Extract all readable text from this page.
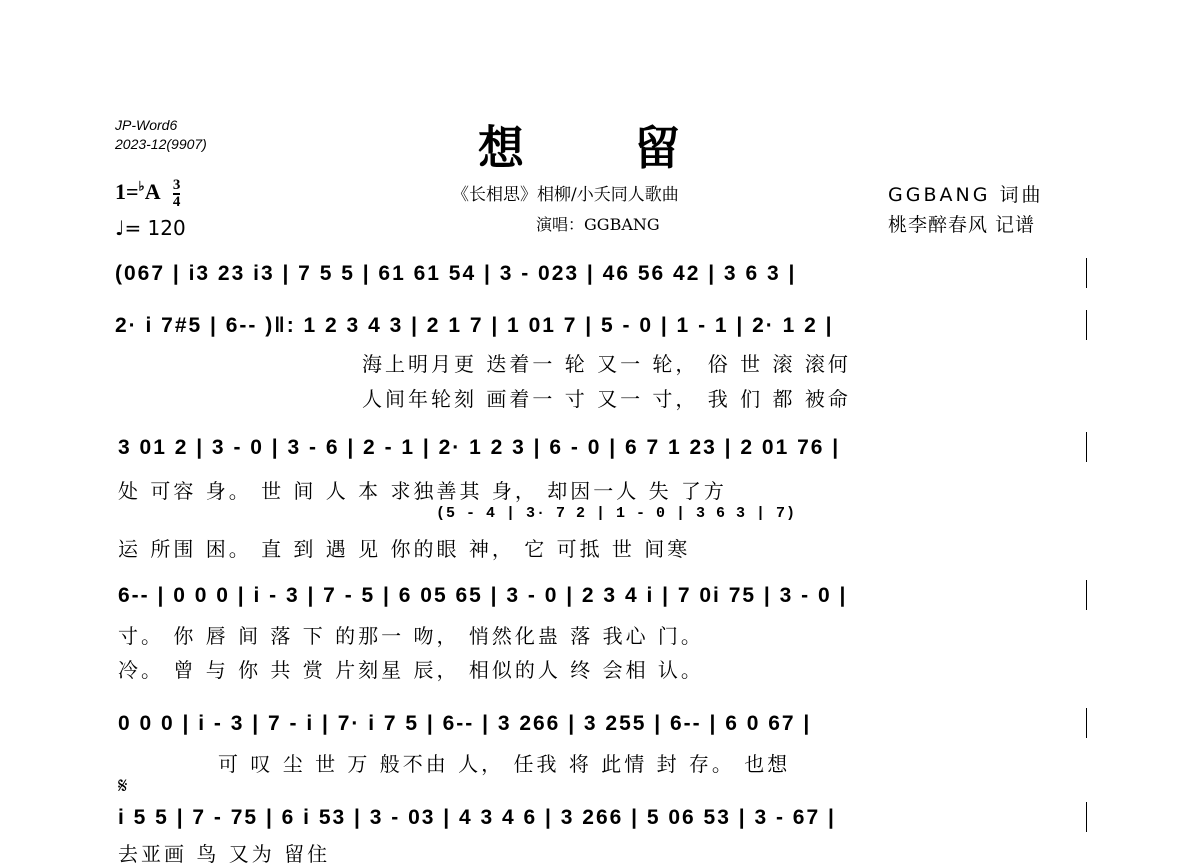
JP-Word6
2023-12(9907)	想留
《长相思》相柳/小夭同人歌曲
演唱：GGBANG
GGBANG 词曲
桃李醉春风 记谱
$1=^♭A \frac{3}{4}$
♩= 120
(067 | i3 23 i3 | 7 5 5 | 61 61 54 | 3 - 023 | 46 56 42 | 3 6 3 |
2· i 7#5 | 6-- )‖: 1 2 3 4 3 | 2 1 7 | 1 01 7 | 5 - 0 | 1 - 1 | 2· 1 2 |
海上明月更 迭着一 轮 又一 轮， 俗 世 滚 滚何
人间年轮刻 画着一 寸 又一 寸， 我 们 都 被命
3 01 2 | 3 - 0 | 3 - 6 | 2 - 1 | 2· 1 2 3 | 6 - 0 | 6 7 1 23 | 2 01 76 |
处 可容 身。 世 间 人 本 求独善其 身， 却因一人 失 了方
(5 - 4 | 3· 7 2 | 1 - 0 | 3 6 3 | 7)
运 所围 困。 直 到 遇 见 你的眼 神， 它 可抵 世 间寒
6-- | 0 0 0 | i - 3 | 7 - 5 | 6 05 65 | 3 - 0 | 2 3 4 i | 7 0i 75 | 3 - 0 |
寸。 你 唇 间 落 下 的那一 吻， 悄然化蛊 落 我心 门。
冷。 曾 与 你 共 赏 片刻星 辰， 相似的人 终 会相 认。
0 0 0 | i - 3 | 7 - i | 7· i 7 5 | 6-- | 3 266 | 3 255 | 6-- | 6 0 67 |
可 叹 尘 世 万 般不由 人， 任我 将 此情 封 存。 也想
𝄋
i 5 5 | 7 - 75 | 6 i 53 | 3 - 03 | 4 3 4 6 | 3 266 | 5 06 53 | 3 - 67 |
去亚画 鸟 又为 留住
